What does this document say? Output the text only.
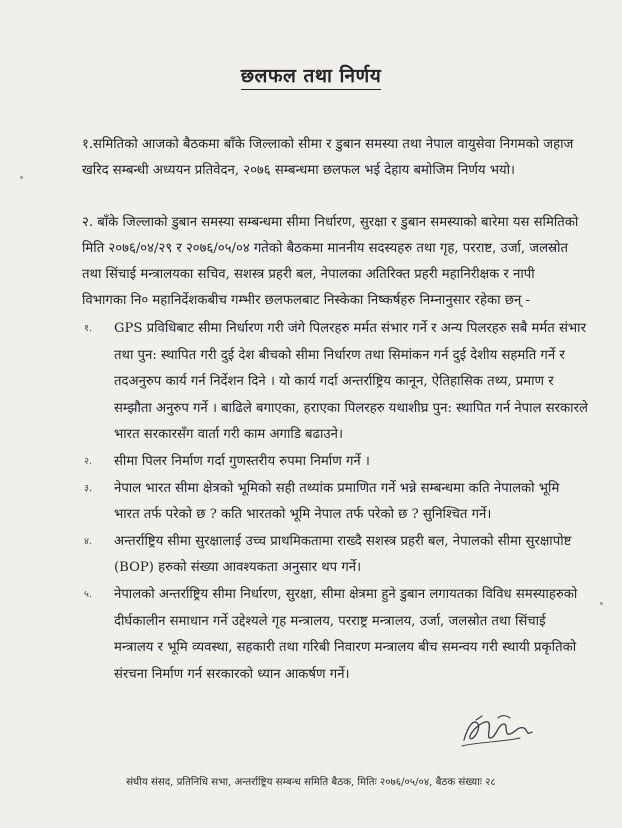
छलफल तथा निर्णय
१.समितिको आजको बैठकमा बाँके जिल्लाको सीमा र डुबान समस्या तथा नेपाल वायुसेवा निगमको जहाज खरिद सम्बन्धी अध्ययन प्रतिवेदन, २०७६ सम्बन्धमा छलफल भई देहाय बमोजिम निर्णय भयो।
२. बाँके जिल्लाको डुबान समस्या सम्बन्धमा सीमा निर्धारण, सुरक्षा र डुबान समस्याको बारेमा यस समितिको मिति २०७६/०४/२९ र २०७६/०५/०४ गतेको बैठकमा माननीय सदस्यहरु तथा गृह, परराष्ट, उर्जा, जलस्रोत तथा सिंचाई मन्त्रालयका सचिव, सशस्त्र प्रहरी बल, नेपालका अतिरिक्त प्रहरी महानिरीक्षक र नापी विभागका नि० महानिर्देशकबीच गम्भीर छलफलबाट निस्केका निष्कर्षहरु निम्नानुसार रहेका छन् -
१.	GPS प्रविधिबाट सीमा निर्धारण गरी जंगे पिलरहरु मर्मत संभार गर्ने र अन्य पिलरहरु सबै मर्मत संभार तथा पुन: स्थापित गरी दुई देश बीचको सीमा निर्धारण तथा सिमांकन गर्न दुई देशीय सहमति गर्ने र तदअनुरुप कार्य गर्न निर्देशन दिने । यो कार्य गर्दा अन्तर्राष्ट्रिय कानून, ऐतिहासिक तथ्य, प्रमाण र सम्झौता अनुरुप गर्ने । बाढिले बगाएका, हराएका पिलरहरु यथाशीघ्र पुन: स्थापित गर्न नेपाल सरकारले भारत सरकारसँग वार्ता गरी काम अगाडि बढाउने।
२.	सीमा पिलर निर्माण गर्दा गुणस्तरीय रुपमा निर्माण गर्ने ।
३.	नेपाल भारत सीमा क्षेत्रको भूमिको सही तथ्यांक प्रमाणित गर्ने भन्ने सम्बन्धमा कति नेपालको भूमि भारत तर्फ परेको छ ? कति भारतको भूमि नेपाल तर्फ परेको छ ? सुनिश्चित गर्ने।
४.	अन्तर्राष्ट्रिय सीमा सुरक्षालाई उच्च प्राथमिकतामा राख्दै सशस्त्र प्रहरी बल, नेपालको सीमा सुरक्षापोष्ट (BOP) हरुको संख्या आवश्यकता अनुसार थप गर्ने।
५.	नेपालको अन्तर्राष्ट्रिय सीमा निर्धारण, सुरक्षा, सीमा क्षेत्रमा हुने डुबान लगायतका विविध समस्याहरुको दीर्घकालीन समाधान गर्ने उद्देश्यले गृह मन्त्रालय, परराष्ट्र मन्त्रालय, उर्जा, जलस्रोत तथा सिंचाई मन्त्रालय र भूमि व्यवस्था, सहकारी तथा गरिबी निवारण मन्त्रालय बीच समन्वय गरी स्थायी प्रकृतिको संरचना निर्माण गर्न सरकारको ध्यान आकर्षण गर्ने।
संघीय संसद, प्रतिनिधि सभा, अन्तर्राष्ट्रिय सम्बन्ध समिति बैठक, मितिः २०७६/०५/०४, बैठक संख्याः २८
